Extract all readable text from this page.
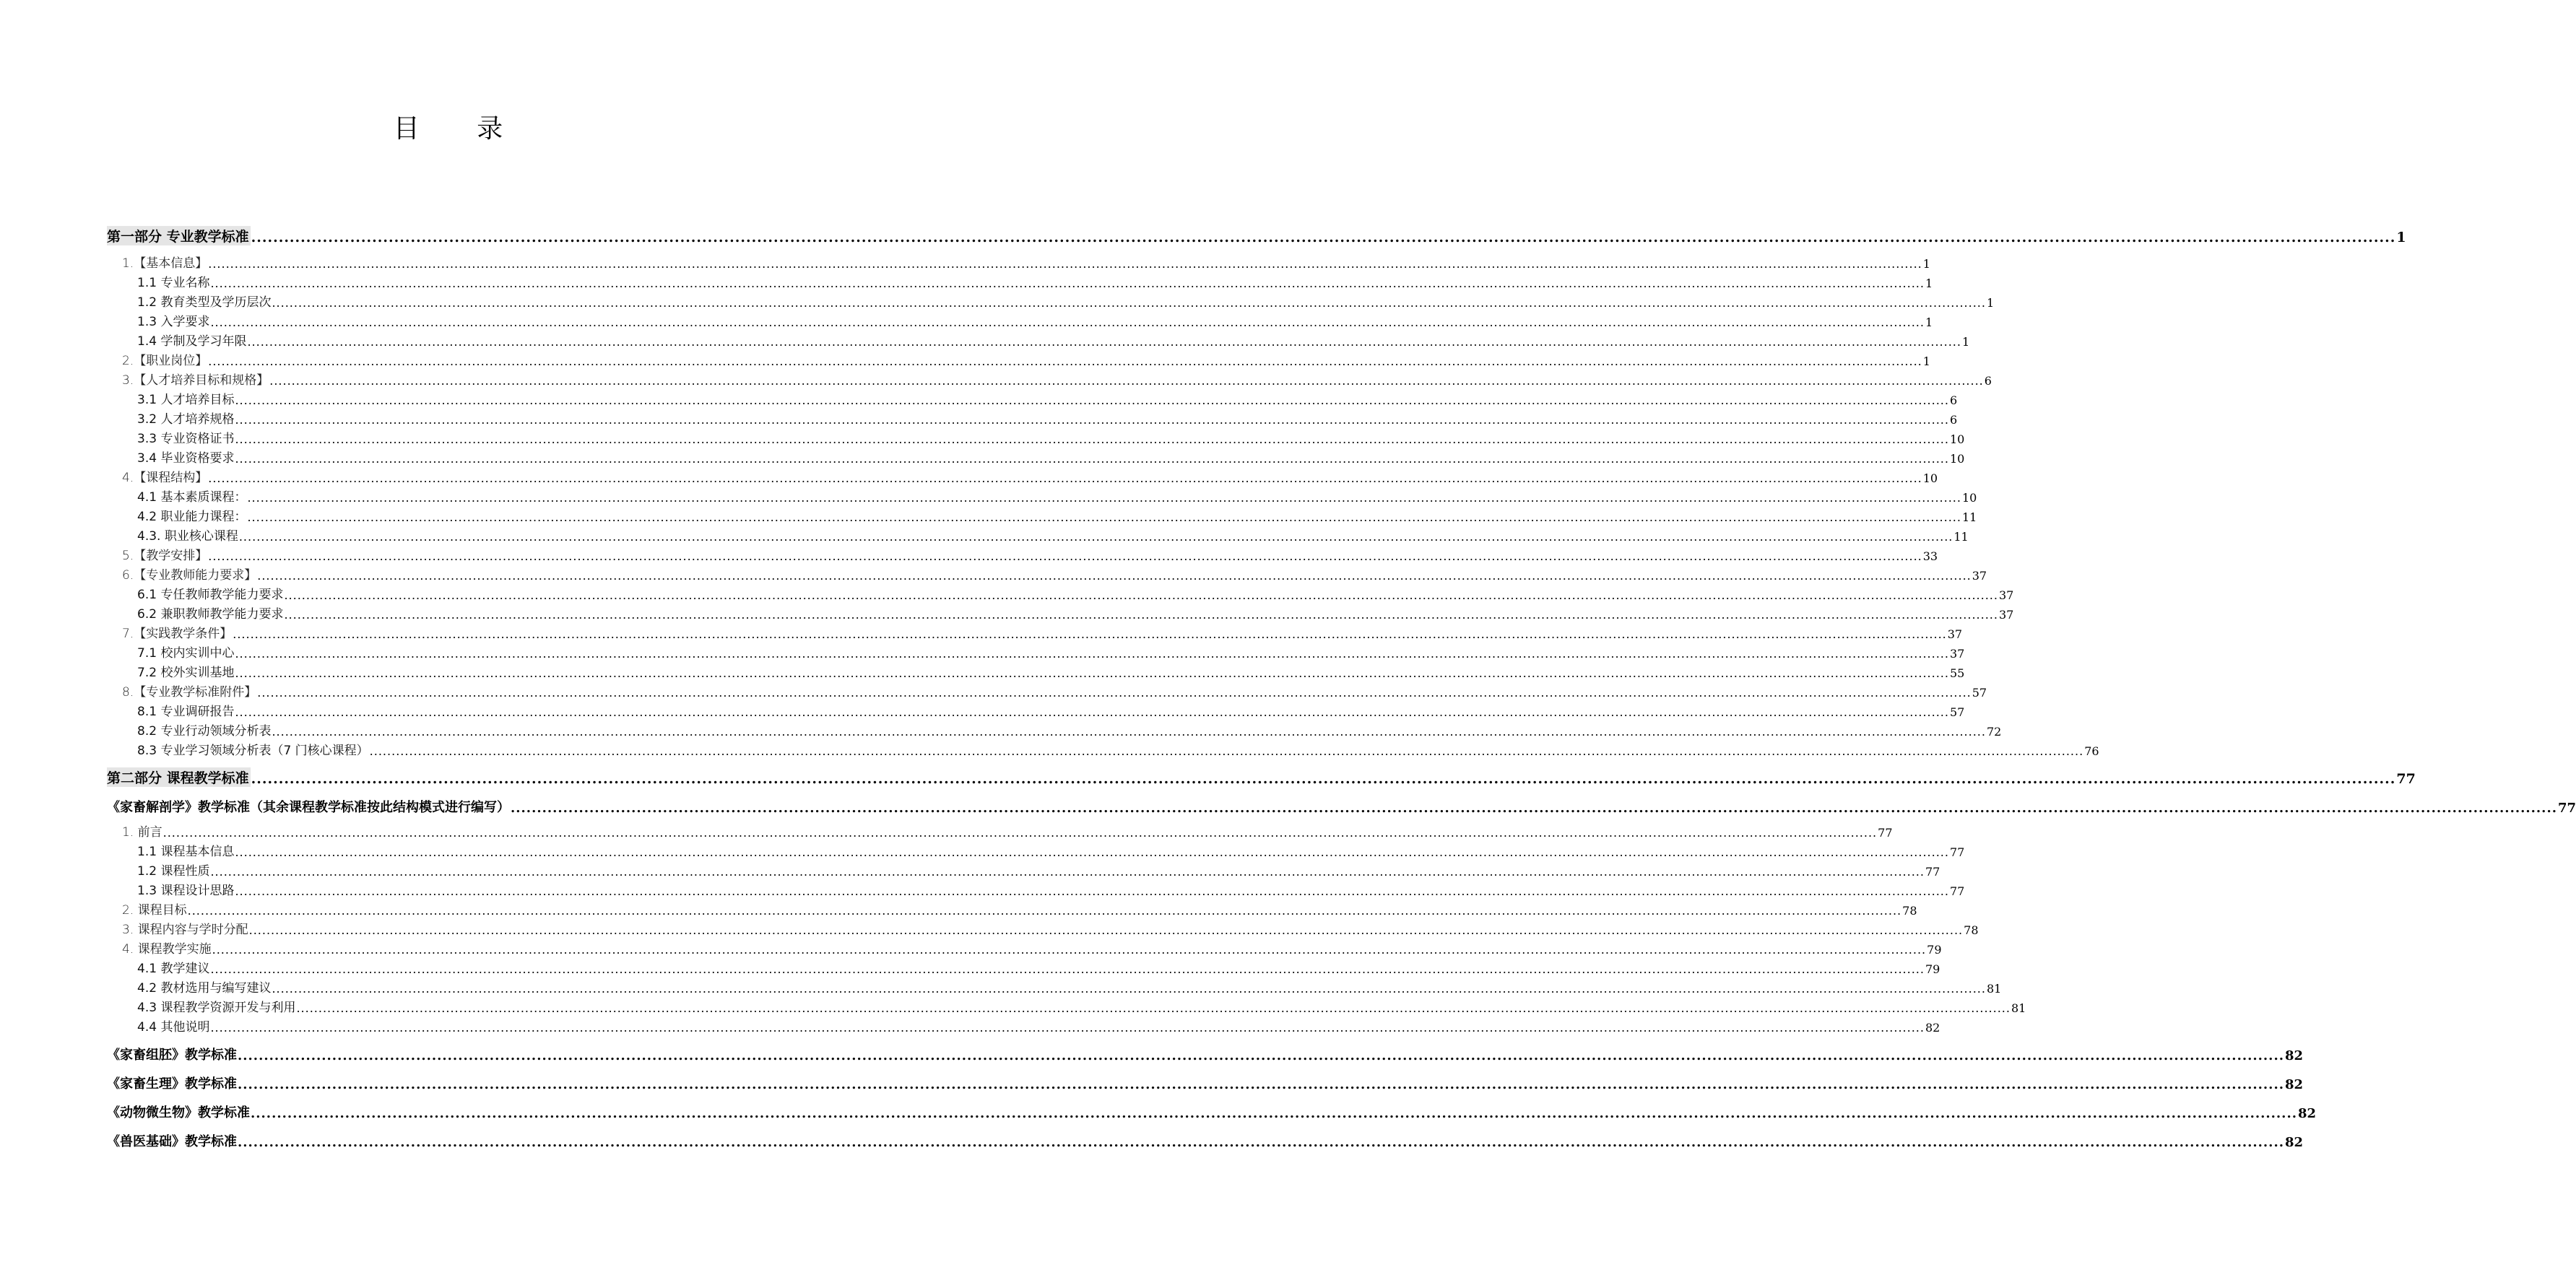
目 录
第一部分 专业教学标准 ...................................................................................................................................................................................................................................................................................................................................................................................................... 1
1.【基本信息】 ...................................................................................................................................................................................................................................................................................................................................................................................................... 1
1.1 专业名称 ...................................................................................................................................................................................................................................................................................................................................................................................................... 1
1.2 教育类型及学历层次 ...................................................................................................................................................................................................................................................................................................................................................................................................... 1
1.3 入学要求 ...................................................................................................................................................................................................................................................................................................................................................................................................... 1
1.4 学制及学习年限 ...................................................................................................................................................................................................................................................................................................................................................................................................... 1
2.【职业岗位】 ...................................................................................................................................................................................................................................................................................................................................................................................................... 1
3.【人才培养目标和规格】 ...................................................................................................................................................................................................................................................................................................................................................................................................... 6
3.1 人才培养目标 ...................................................................................................................................................................................................................................................................................................................................................................................................... 6
3.2 人才培养规格 ...................................................................................................................................................................................................................................................................................................................................................................................................... 6
3.3 专业资格证书 ...................................................................................................................................................................................................................................................................................................................................................................................................... 10
3.4 毕业资格要求 ...................................................................................................................................................................................................................................................................................................................................................................................................... 10
4.【课程结构】 ...................................................................................................................................................................................................................................................................................................................................................................................................... 10
4.1 基本素质课程： ...................................................................................................................................................................................................................................................................................................................................................................................................... 10
4.2 职业能力课程： ...................................................................................................................................................................................................................................................................................................................................................................................................... 11
4.3. 职业核心课程 ...................................................................................................................................................................................................................................................................................................................................................................................................... 11
5.【教学安排】 ...................................................................................................................................................................................................................................................................................................................................................................................................... 33
6.【专业教师能力要求】 ...................................................................................................................................................................................................................................................................................................................................................................................................... 37
6.1 专任教师教学能力要求 ...................................................................................................................................................................................................................................................................................................................................................................................................... 37
6.2 兼职教师教学能力要求 ...................................................................................................................................................................................................................................................................................................................................................................................................... 37
7.【实践教学条件】 ...................................................................................................................................................................................................................................................................................................................................................................................................... 37
7.1 校内实训中心 ...................................................................................................................................................................................................................................................................................................................................................................................................... 37
7.2 校外实训基地 ...................................................................................................................................................................................................................................................................................................................................................................................................... 55
8.【专业教学标准附件】 ...................................................................................................................................................................................................................................................................................................................................................................................................... 57
8.1 专业调研报告 ...................................................................................................................................................................................................................................................................................................................................................................................................... 57
8.2 专业行动领域分析表 ...................................................................................................................................................................................................................................................................................................................................................................................................... 72
8.3 专业学习领域分析表（7 门核心课程） ...................................................................................................................................................................................................................................................................................................................................................................................................... 76
第二部分 课程教学标准 ...................................................................................................................................................................................................................................................................................................................................................................................................... 77
《家畜解剖学》教学标准（其余课程教学标准按此结构模式进行编写） ...................................................................................................................................................................................................................................................................................................................................................................................................... 77
1. 前言 ...................................................................................................................................................................................................................................................................................................................................................................................................... 77
1.1 课程基本信息 ...................................................................................................................................................................................................................................................................................................................................................................................................... 77
1.2 课程性质 ...................................................................................................................................................................................................................................................................................................................................................................................................... 77
1.3 课程设计思路 ...................................................................................................................................................................................................................................................................................................................................................................................................... 77
2. 课程目标 ...................................................................................................................................................................................................................................................................................................................................................................................................... 78
3. 课程内容与学时分配 ...................................................................................................................................................................................................................................................................................................................................................................................................... 78
4. 课程教学实施 ...................................................................................................................................................................................................................................................................................................................................................................................................... 79
4.1 教学建议 ...................................................................................................................................................................................................................................................................................................................................................................................................... 79
4.2 教材选用与编写建议 ...................................................................................................................................................................................................................................................................................................................................................................................................... 81
4.3 课程教学资源开发与利用 ...................................................................................................................................................................................................................................................................................................................................................................................................... 81
4.4 其他说明 ...................................................................................................................................................................................................................................................................................................................................................................................................... 82
《家畜组胚》教学标准 ...................................................................................................................................................................................................................................................................................................................................................................................................... 82
《家畜生理》教学标准 ...................................................................................................................................................................................................................................................................................................................................................................................................... 82
《动物微生物》教学标准 ...................................................................................................................................................................................................................................................................................................................................................................................................... 82
《兽医基础》教学标准 ...................................................................................................................................................................................................................................................................................................................................................................................................... 82
